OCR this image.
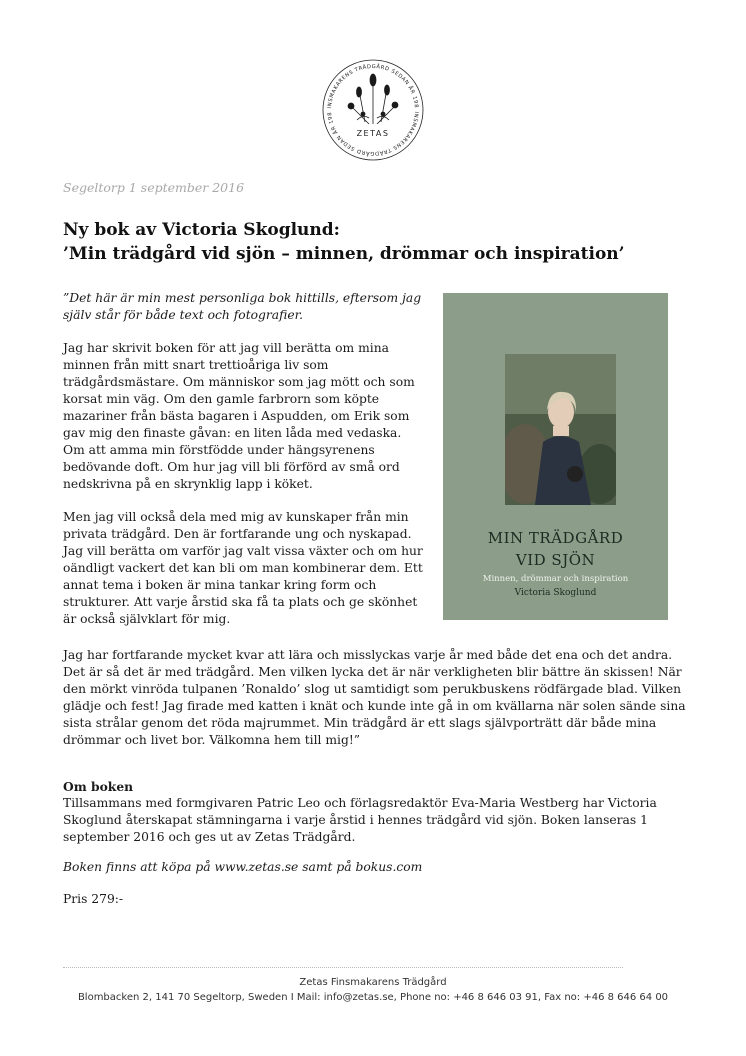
INSMAKARENS TRÄDGÅRD SEDAN ÅR 198
INSMAKARENS TRÄDGÅRD SEDAN ÅR 198
ZETAS
Segeltorp 1 september 2016
Ny bok av Victoria Skoglund:
’Min trädgård vid sjön – minnen, drömmar och inspiration’

”Det här är min mest personliga bok hittills, eftersom jag själv står för både text och fotografier.

Jag har skrivit boken för att jag vill berätta om mina minnen från mitt snart trettioåriga liv som trädgårdsmästare. Om människor som jag mött och som korsat min väg. Om den gamle farbrorn som köpte mazariner från bästa bagaren i Aspudden, om Erik som gav mig den finaste gåvan: en liten låda med vedaska. Om att amma min förstfödde under hängsyrenens bedövande doft. Om hur jag vill bli förförd av små ord nedskrivna på en skrynklig lapp i köket.

Men jag vill också dela med mig av kunskaper från min privata trädgård. Den är fortfarande ung och nyskapad. Jag vill berätta om varför jag valt vissa växter och om hur oändligt vackert det kan bli om man kombinerar dem. Ett annat tema i boken är mina tankar kring form och strukturer. Att varje årstid ska få ta plats och ge skönhet är också självklart för mig.

MIN TRÄDGÅRD
VID SJÖN
Minnen, drömmar och inspiration
Victoria Skoglund

Jag har fortfarande mycket kvar att lära och misslyckas varje år med både det ena och det andra. Det är så det är med trädgård. Men vilken lycka det är när verkligheten blir bättre än skissen! När den mörkt vinröda tulpanen ’Ronaldo’ slog ut samtidigt som perukbuskens rödfärgade blad. Vilken glädje och fest! Jag firade med katten i knät och kunde inte gå in om kvällarna när solen sände sina sista strålar genom det röda majrummet. Min trädgård är ett slags självporträtt där både mina drömmar och livet bor. Välkomna hem till mig!”

Om boken

Tillsammans med formgivaren Patric Leo och förlagsredaktör Eva-Maria Westberg har Victoria Skoglund återskapat stämningarna i varje årstid i hennes trädgård vid sjön. Boken lanseras 1 september 2016 och ges ut av Zetas Trädgård.

Boken finns att köpa på www.zetas.se samt på bokus.com
Pris 279:-
Zetas Finsmakarens Trädgård
Blombacken 2, 141 70 Segeltorp, Sweden I Mail: info@zetas.se, Phone no: +46 8 646 03 91, Fax no: +46 8 646 64 00
